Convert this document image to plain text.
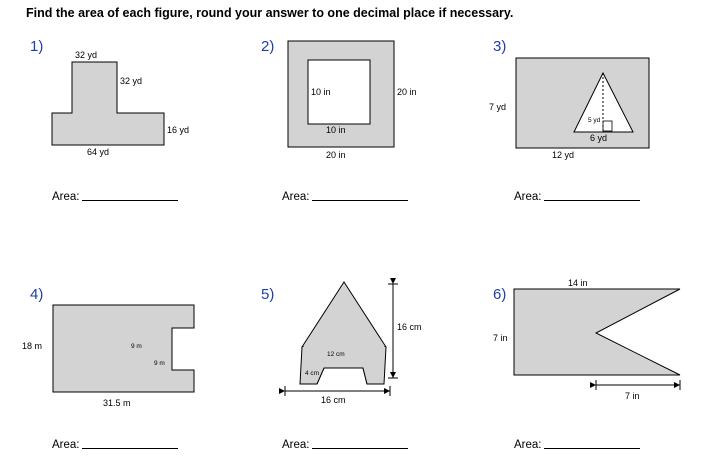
Find the area of each figure, round your answer to one decimal place if necessary.
1)	2)	3)
4)	5)	6)
32 yd
32 yd
16 yd
64 yd
10 in	20 in
10 in
20 in
7 yd
5 yd
6 yd
12 yd
18 m	9 m
9 m
31.5 m
16 cm
12 cm
4 cm
16 cm
14 in
7 in
7 in
Area:	Area:	Area:
Area:	Area:	Area:
